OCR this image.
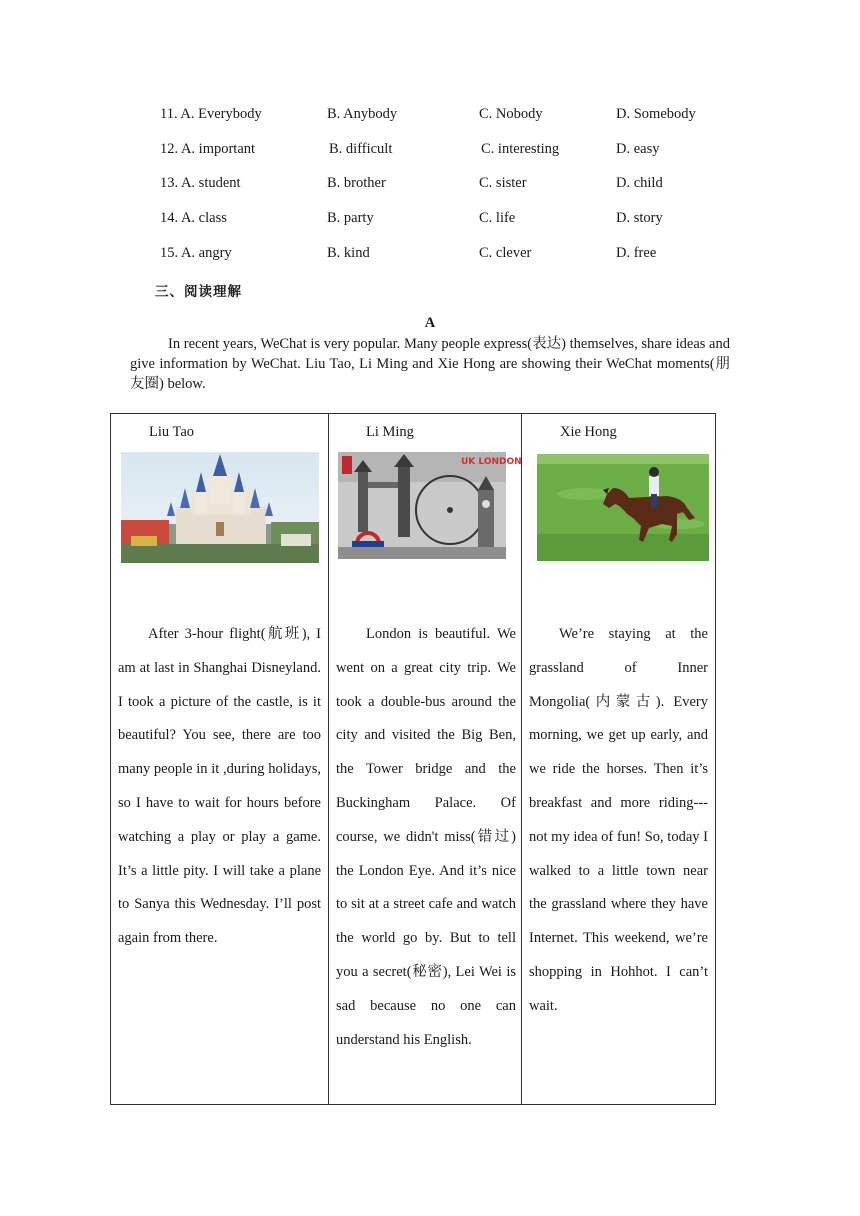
11. A. Everybody	B. Anybody	C. Nobody	D. Somebody
12. A. important	B. difficult	C. interesting	D. easy
13. A. student	B. brother	C. sister	D. child
14. A. class	B. party	C. life	D. story
15. A. angry	B. kind	C. clever	D. free
三、阅读理解
A
In recent years, WeChat is very popular. Many people express(表达) themselves, share ideas and give information by WeChat. Liu Tao, Li Ming and Xie Hong are showing their WeChat moments(朋友圈) below.
Liu Tao
After 3-hour flight(航班), I am at last in Shanghai Disneyland. I took a picture of the castle, is it beautiful? You see, there are too many people in it ,during holidays, so I have to wait for hours before watching a play or play a game. It’s a little pity. I will take a plane to Sanya this Wednesday. I’ll post again from there.
Li Ming
UK LONDON
London is beautiful. We went on a great city trip. We took a double-bus around the city and visited the Big Ben, the Tower bridge and the Buckingham Palace. Of course, we didn't miss(错过) the London Eye. And it’s nice to sit at a street cafe and watch the world go by. But to tell you a secret(秘密), Lei Wei is sad because no one can understand his English.
Xie Hong
We’re staying at the grassland of Inner Mongolia(内蒙古). Every morning, we get up early, and we ride the horses. Then it’s breakfast and more riding---not my idea of fun! So, today I walked to a little town near the grassland where they have Internet. This weekend, we’re shopping in Hohhot. I can’t wait.
